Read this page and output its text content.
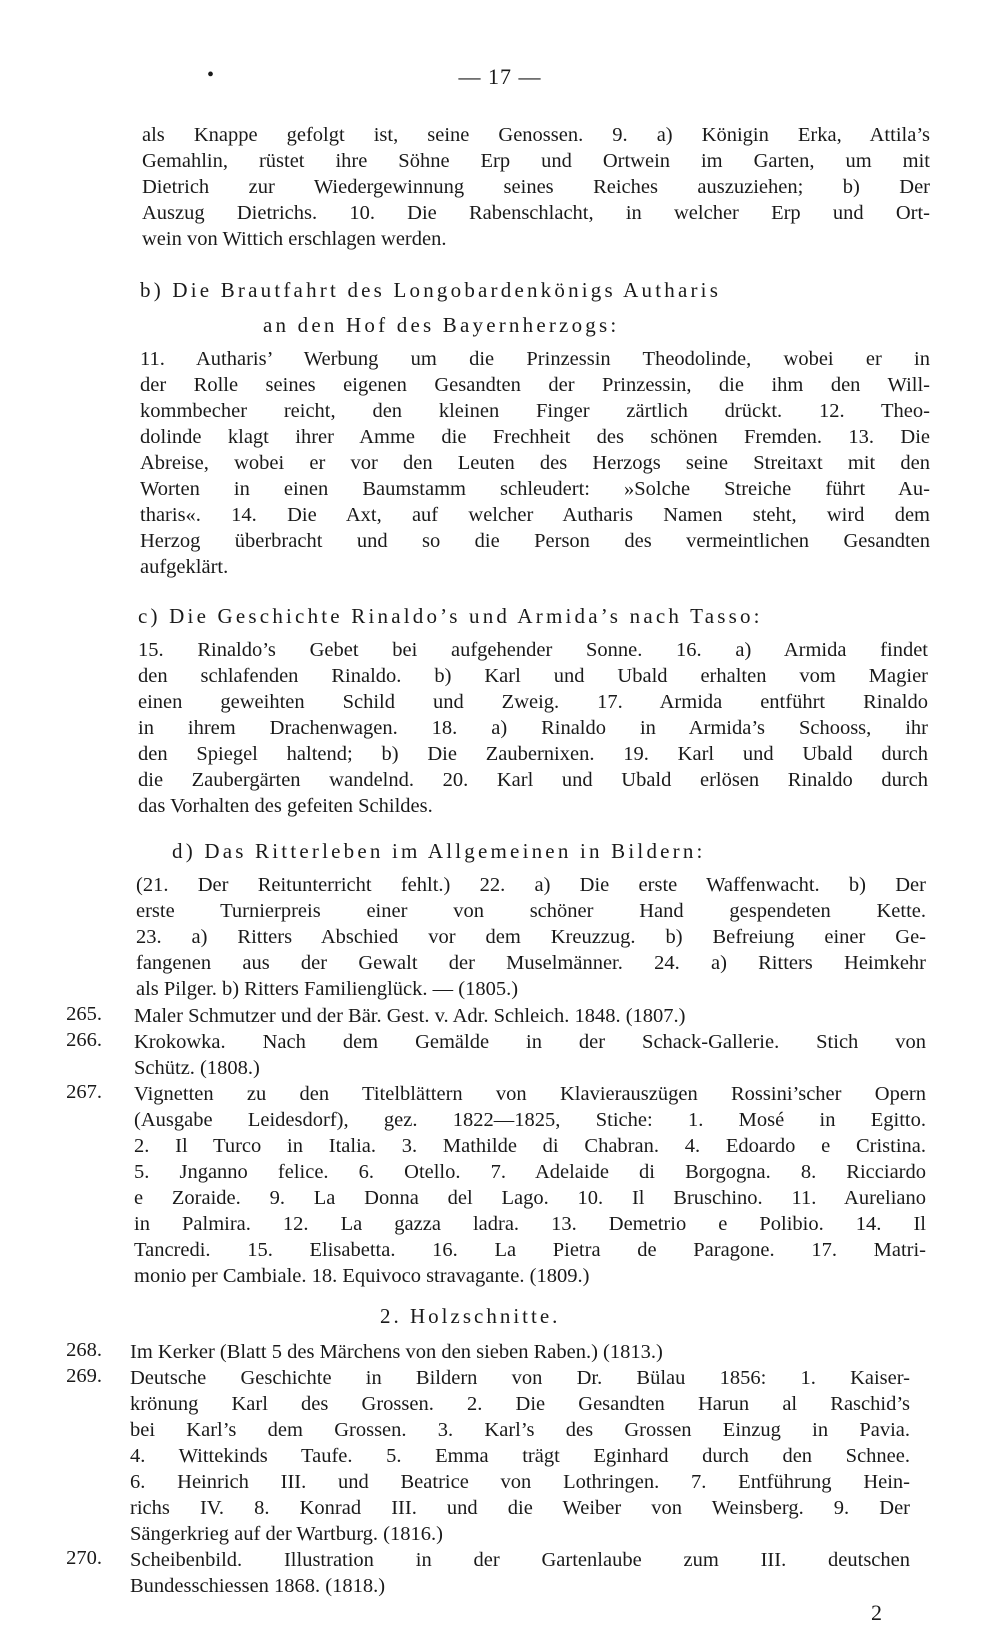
•	— 17 —
als Knappe gefolgt ist, seine Genossen. 9. a) Königin Erka, Attila’s
Gemahlin, rüstet ihre Söhne Erp und Ortwein im Garten, um mit
Dietrich zur Wiedergewinnung seines Reiches auszuziehen; b) Der
Auszug Dietrichs. 10. Die Rabenschlacht, in welcher Erp und Ort-
wein von Wittich erschlagen werden.
b) Die Brautfahrt des Longobardenkönigs Autharis
an den Hof des Bayernherzogs:
11. Autharis’ Werbung um die Prinzessin Theodolinde, wobei er in
der Rolle seines eigenen Gesandten der Prinzessin, die ihm den Will-
kommbecher reicht, den kleinen Finger zärtlich drückt. 12. Theo-
dolinde klagt ihrer Amme die Frechheit des schönen Fremden. 13. Die
Abreise, wobei er vor den Leuten des Herzogs seine Streitaxt mit den
Worten in einen Baumstamm schleudert: »Solche Streiche führt Au-
tharis«. 14. Die Axt, auf welcher Autharis Namen steht, wird dem
Herzog überbracht und so die Person des vermeintlichen Gesandten
aufgeklärt.
c) Die Geschichte Rinaldo’s und Armida’s nach Tasso:
15. Rinaldo’s Gebet bei aufgehender Sonne. 16. a) Armida findet
den schlafenden Rinaldo. b) Karl und Ubald erhalten vom Magier
einen geweihten Schild und Zweig. 17. Armida entführt Rinaldo
in ihrem Drachenwagen. 18. a) Rinaldo in Armida’s Schooss, ihr
den Spiegel haltend; b) Die Zaubernixen. 19. Karl und Ubald durch
die Zaubergärten wandelnd. 20. Karl und Ubald erlösen Rinaldo durch
das Vorhalten des gefeiten Schildes.
d) Das Ritterleben im Allgemeinen in Bildern:
(21. Der Reitunterricht fehlt.) 22. a) Die erste Waffenwacht. b) Der
erste Turnierpreis einer von schöner Hand gespendeten Kette.
23. a) Ritters Abschied vor dem Kreuzzug. b) Befreiung einer Ge-
fangenen aus der Gewalt der Muselmänner. 24. a) Ritters Heimkehr
als Pilger. b) Ritters Familienglück. — (1805.)
265. Maler Schmutzer und der Bär. Gest. v. Adr. Schleich. 1848. (1807.)
266. Krokowka. Nach dem Gemälde in der Schack-Gallerie. Stich von
Schütz. (1808.)
267. Vignetten zu den Titelblättern von Klavierauszügen Rossini’scher Opern
(Ausgabe Leidesdorf), gez. 1822—1825, Stiche: 1. Mosé in Egitto.
2. Il Turco in Italia. 3. Mathilde di Chabran. 4. Edoardo e Cristina.
5. Jnganno felice. 6. Otello. 7. Adelaide di Borgogna. 8. Ricciardo
e Zoraide. 9. La Donna del Lago. 10. Il Bruschino. 11. Aureliano
in Palmira. 12. La gazza ladra. 13. Demetrio e Polibio. 14. Il
Tancredi. 15. Elisabetta. 16. La Pietra de Paragone. 17. Matri-
monio per Cambiale. 18. Equivoco stravagante. (1809.)
2. Holzschnitte.
268. Im Kerker (Blatt 5 des Märchens von den sieben Raben.) (1813.)
269. Deutsche Geschichte in Bildern von Dr. Bülau 1856: 1. Kaiser-
krönung Karl des Grossen. 2. Die Gesandten Harun al Raschid’s
bei Karl’s dem Grossen. 3. Karl’s des Grossen Einzug in Pavia.
4. Wittekinds Taufe. 5. Emma trägt Eginhard durch den Schnee.
6. Heinrich III. und Beatrice von Lothringen. 7. Entführung Hein-
richs IV. 8. Konrad III. und die Weiber von Weinsberg. 9. Der
Sängerkrieg auf der Wartburg. (1816.)
270. Scheibenbild. Illustration in der Gartenlaube zum III. deutschen
Bundesschiessen 1868. (1818.)
2
